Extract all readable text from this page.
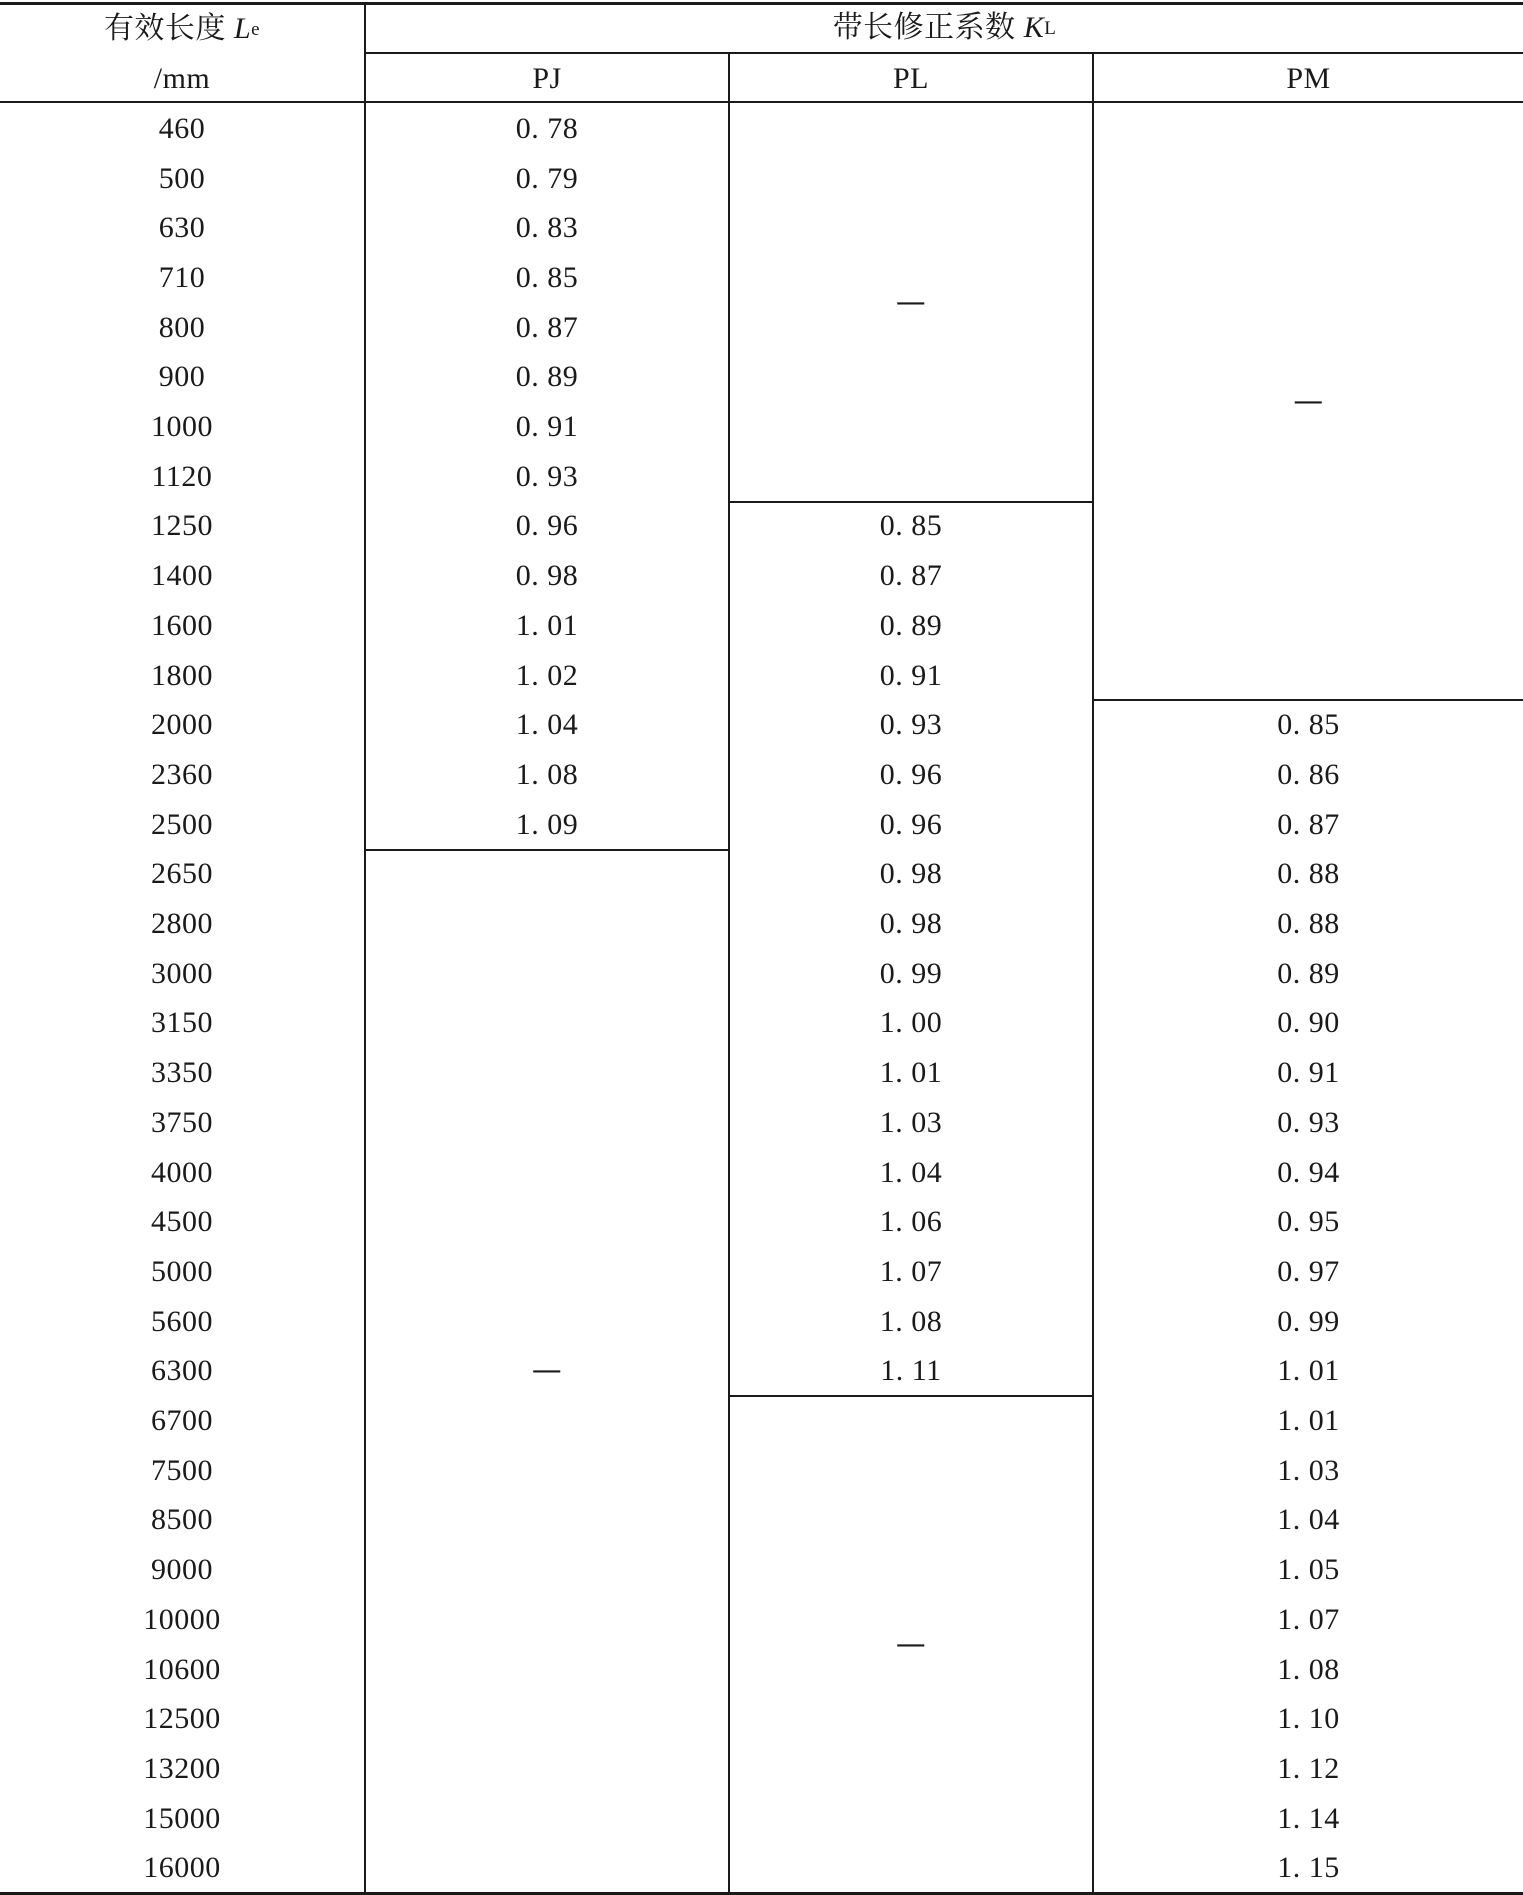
有效长度
L e
/mm
带长修正系数
K L
PJ	PL	PM
460
500
630
710
800
900
1000
1120
1250
1400
1600
1800
2000
2360
2500
2650
2800
3000
3150
3350
3750
4000
4500
5000
5600
6300
6700
7500
8500
9000
10000
10600
12500
13200
15000
16000
0. 78
0. 79
0. 83
0. 85
0. 87
0. 89
0. 91
0. 93
0. 96
0. 98
1. 01
1. 02
1. 04
1. 08
1. 09
—
—
0. 85
0. 87
0. 89
0. 91
0. 93
0. 96
0. 96
0. 98
0. 98
0. 99
1. 00
1. 01
1. 03
1. 04
1. 06
1. 07
1. 08
1. 11
—
—
0. 85
0. 86
0. 87
0. 88
0. 88
0. 89
0. 90
0. 91
0. 93
0. 94
0. 95
0. 97
0. 99
1. 01
1. 01
1. 03
1. 04
1. 05
1. 07
1. 08
1. 10
1. 12
1. 14
1. 15
